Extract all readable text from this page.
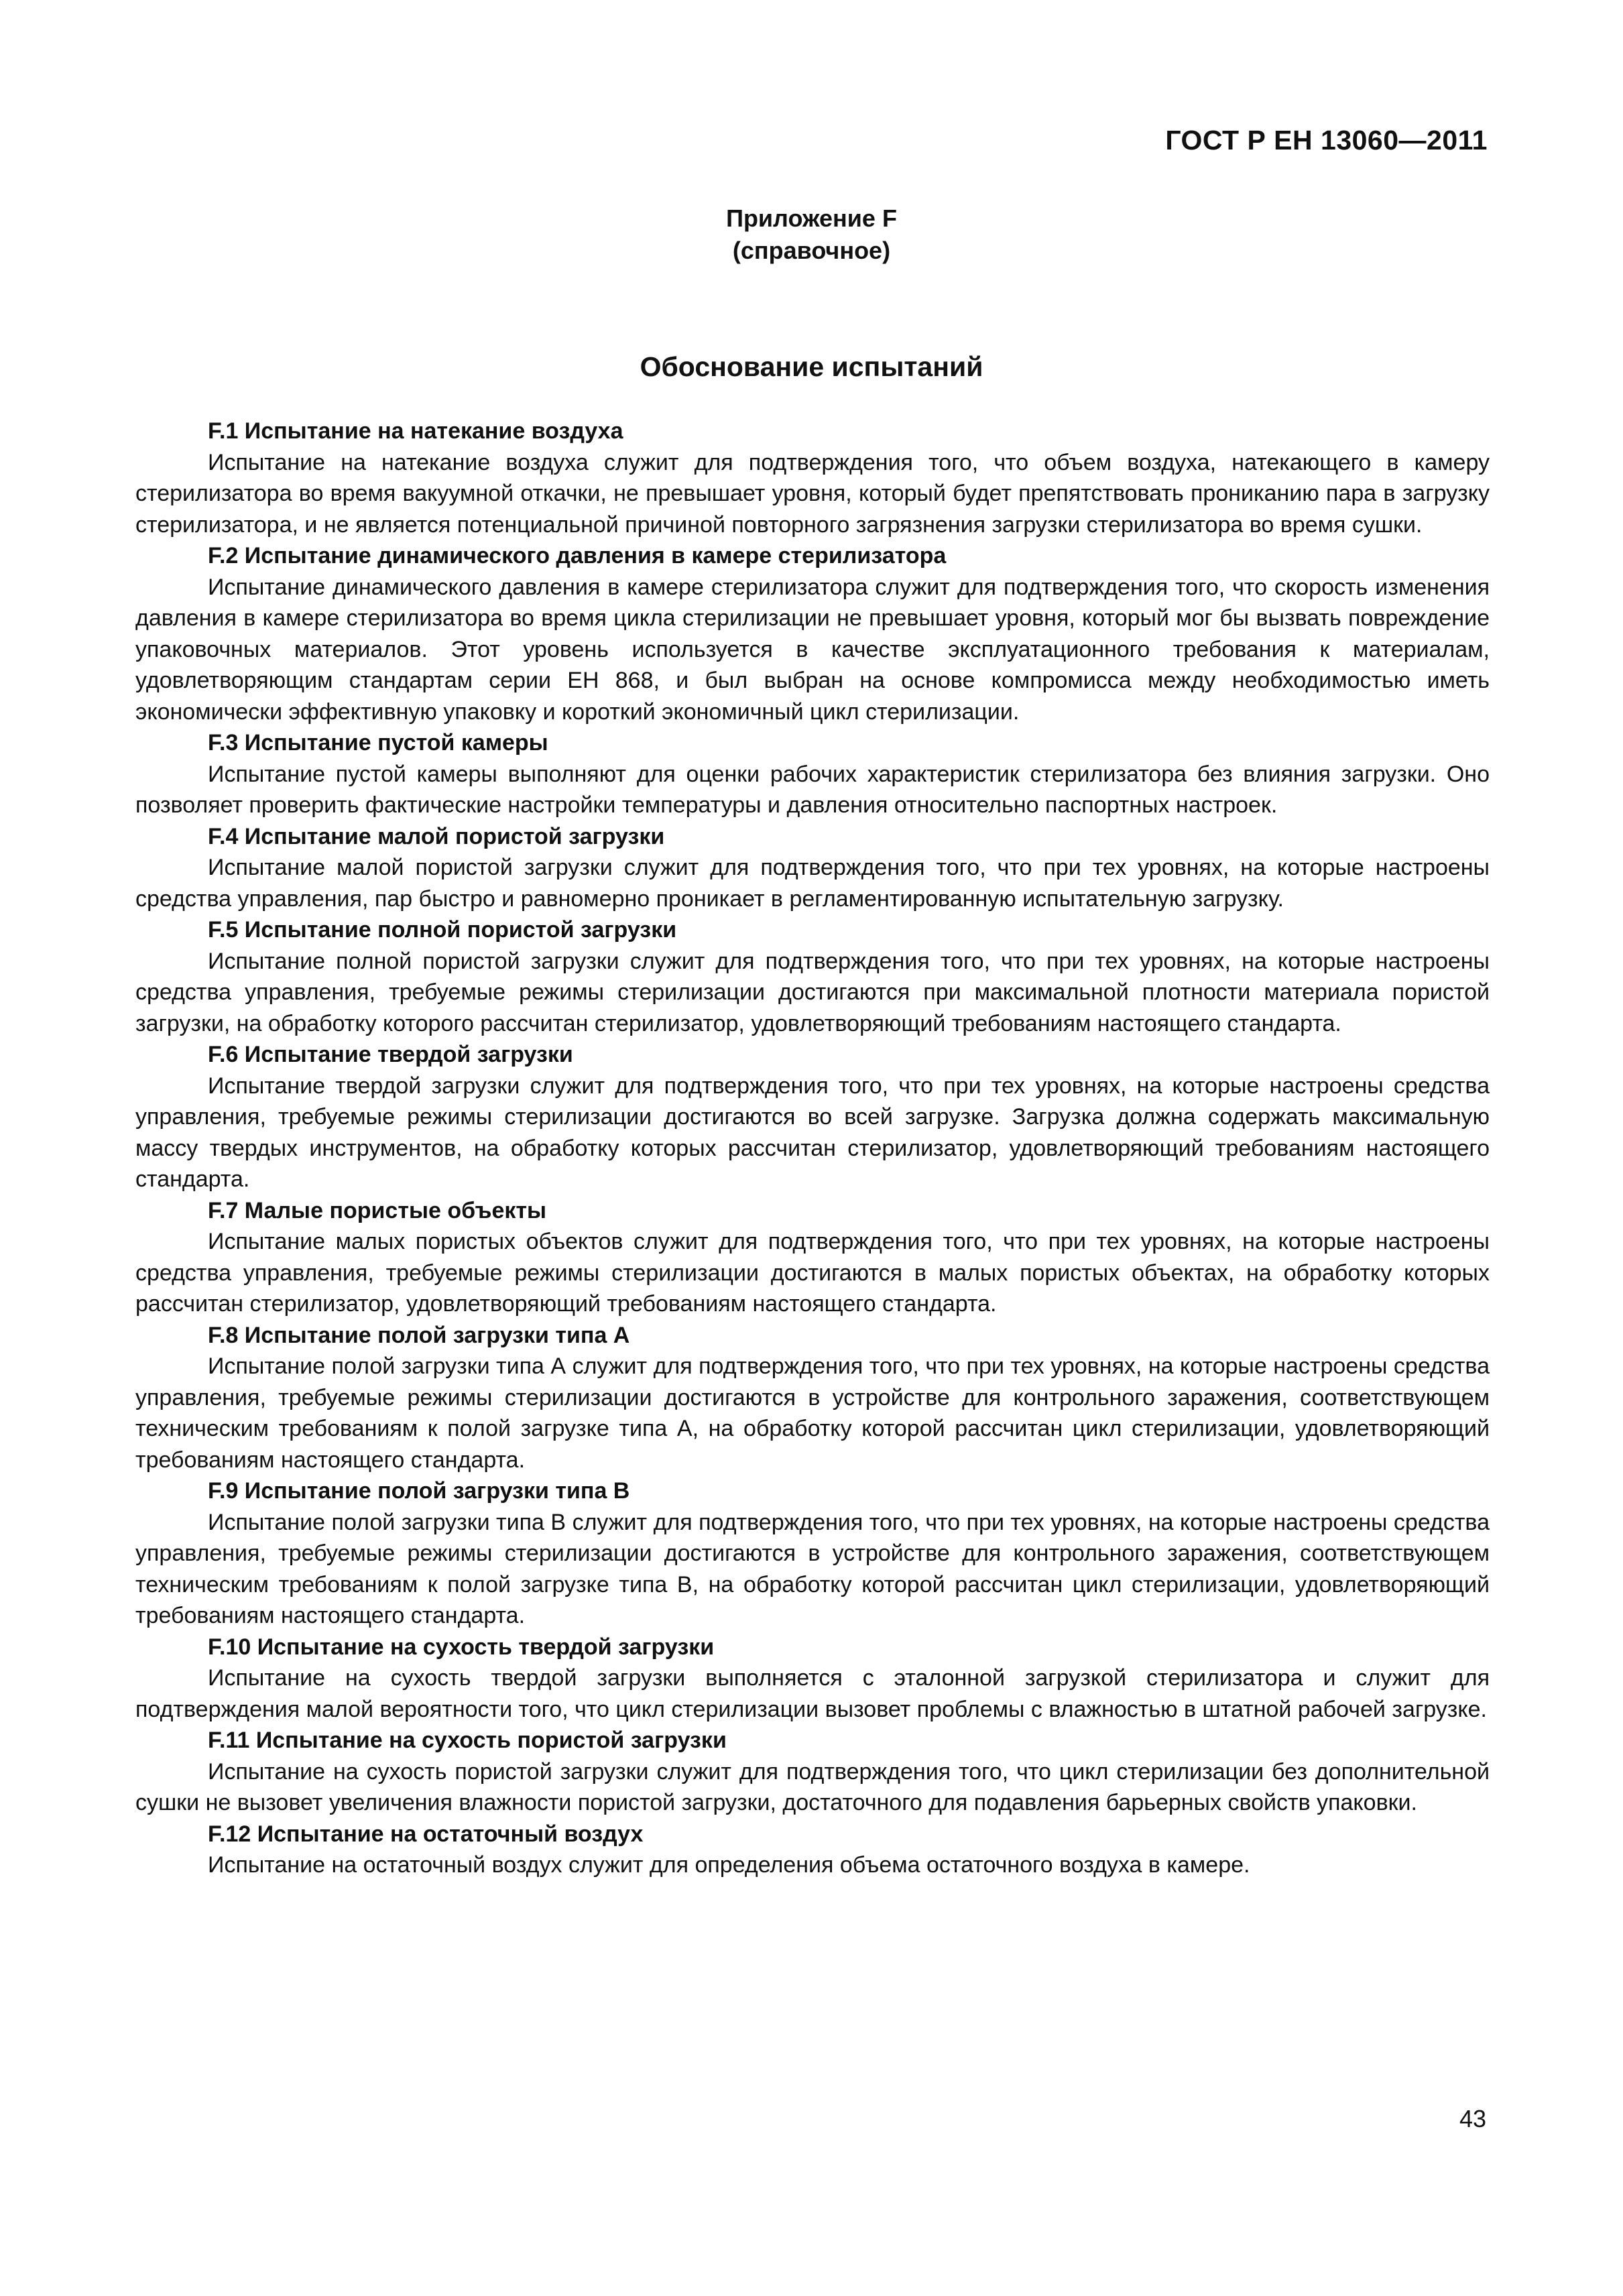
ГОСТ Р ЕН 13060—2011

Приложение F
(справочное)
Обоснование испытаний
F.1 Испытание на натекание воздуха

Испытание на натекание воздуха служит для подтверждения того, что объем воздуха, натекающего в камеру стерилизатора во время вакуумной откачки, не превышает уровня, который будет препятствовать прониканию пара в загрузку стерилизатора, и не является потенциальной причиной повторного загрязнения загрузки стерилизатора во время сушки.

F.2 Испытание динамического давления в камере стерилизатора

Испытание динамического давления в камере стерилизатора служит для подтверждения того, что скорость изменения давления в камере стерилизатора во время цикла стерилизации не превышает уровня, который мог бы вызвать повреждение упаковочных материалов. Этот уровень используется в качестве эксплуатационного требования к материалам, удовлетворяющим стандартам серии ЕН 868, и был выбран на основе компромисса между необходимостью иметь экономически эффективную упаковку и короткий экономичный цикл стерилизации.

F.3 Испытание пустой камеры

Испытание пустой камеры выполняют для оценки рабочих характеристик стерилизатора без влияния загрузки. Оно позволяет проверить фактические настройки температуры и давления относительно паспортных настроек.

F.4 Испытание малой пористой загрузки

Испытание малой пористой загрузки служит для подтверждения того, что при тех уровнях, на которые настроены средства управления, пар быстро и равномерно проникает в регламентированную испытательную загрузку.

F.5 Испытание полной пористой загрузки

Испытание полной пористой загрузки служит для подтверждения того, что при тех уровнях, на которые настроены средства управления, требуемые режимы стерилизации достигаются при максимальной плотности материала пористой загрузки, на обработку которого рассчитан стерилизатор, удовлетворяющий требованиям настоящего стандарта.

F.6 Испытание твердой загрузки

Испытание твердой загрузки служит для подтверждения того, что при тех уровнях, на которые настроены средства управления, требуемые режимы стерилизации достигаются во всей загрузке. Загрузка должна содержать максимальную массу твердых инструментов, на обработку которых рассчитан стерилизатор, удовлетворяющий требованиям настоящего стандарта.

F.7 Малые пористые объекты

Испытание малых пористых объектов служит для подтверждения того, что при тех уровнях, на которые настроены средства управления, требуемые режимы стерилизации достигаются в малых пористых объектах, на обработку которых рассчитан стерилизатор, удовлетворяющий требованиям настоящего стандарта.

F.8 Испытание полой загрузки типа А

Испытание полой загрузки типа А служит для подтверждения того, что при тех уровнях, на которые настроены средства управления, требуемые режимы стерилизации достигаются в устройстве для контрольного заражения, соответствующем техническим требованиям к полой загрузке типа А, на обработку которой рассчитан цикл стерилизации, удовлетворяющий требованиям настоящего стандарта.

F.9 Испытание полой загрузки типа В

Испытание полой загрузки типа В служит для подтверждения того, что при тех уровнях, на которые настроены средства управления, требуемые режимы стерилизации достигаются в устройстве для контрольного заражения, соответствующем техническим требованиям к полой загрузке типа В, на обработку которой рассчитан цикл стерилизации, удовлетворяющий требованиям настоящего стандарта.

F.10 Испытание на сухость твердой загрузки

Испытание на сухость твердой загрузки выполняется с эталонной загрузкой стерилизатора и служит для подтверждения малой вероятности того, что цикл стерилизации вызовет проблемы с влажностью в штатной рабочей загрузке.

F.11 Испытание на сухость пористой загрузки

Испытание на сухость пористой загрузки служит для подтверждения того, что цикл стерилизации без дополнительной сушки не вызовет увеличения влажности пористой загрузки, достаточного для подавления барьерных свойств упаковки.

F.12 Испытание на остаточный воздух

Испытание на остаточный воздух служит для определения объема остаточного воздуха в камере.

43
